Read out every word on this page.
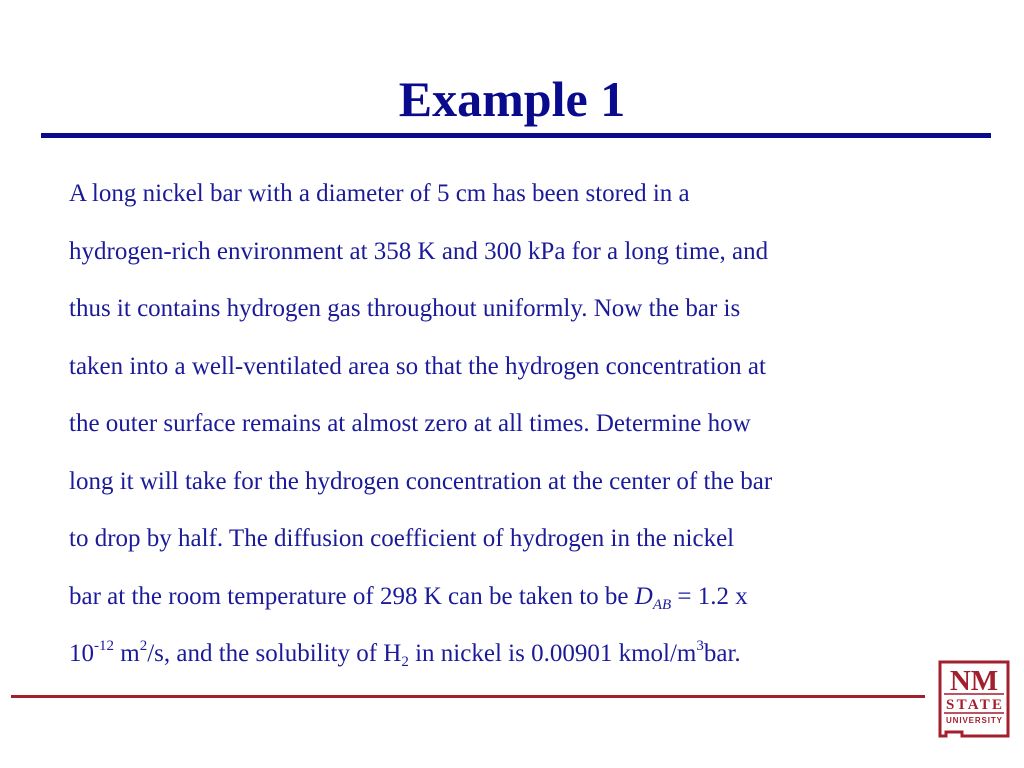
Example 1
A long nickel bar with a diameter of 5 cm has been stored in a
hydrogen-rich environment at 358 K and 300 kPa for a long time, and
thus it contains hydrogen gas throughout uniformly. Now the bar is
taken into a well-ventilated area so that the hydrogen concentration at
the outer surface remains at almost zero at all times. Determine how
long it will take for the hydrogen concentration at the center of the bar
to drop by half. The diffusion coefficient of hydrogen in the nickel
bar at the room temperature of 298 K can be taken to be $D_{AB} = 1.2$ x
$10^{-12}$ $m^2/s$, and the solubility of $H_2$ in nickel is 0.00901 kmol/$m^3bar$.
NM
STATE
UNIVERSITY
